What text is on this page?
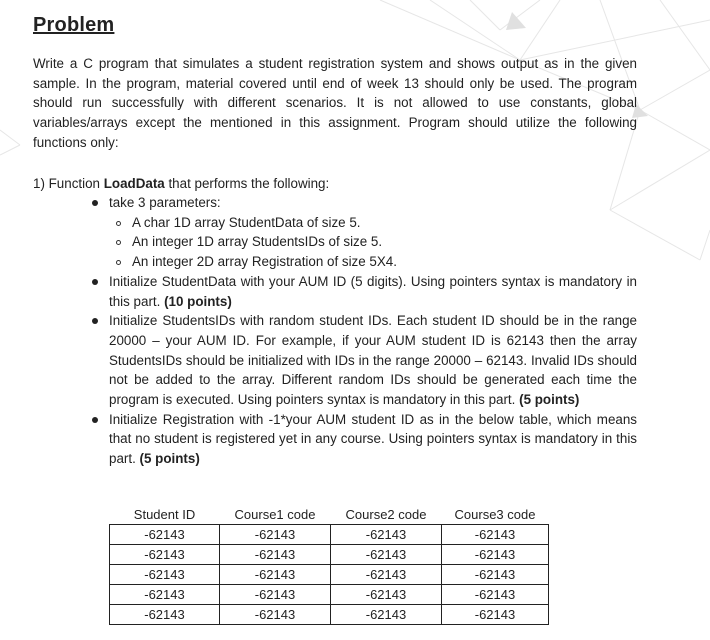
Problem
Write a C program that simulates a student registration system and shows output as in the given sample. In the program, material covered until end of week 13 should only be used. The program should run successfully with different scenarios. It is not allowed to use constants, global variables/arrays except the mentioned in this assignment. Program should utilize the following functions only:
1) Function LoadData that performs the following:
take 3 parameters:
A char 1D array StudentData of size 5.
An integer 1D array StudentsIDs of size 5.
An integer 2D array Registration of size 5X4.
Initialize StudentData with your AUM ID (5 digits). Using pointers syntax is mandatory in this part. (10 points)
Initialize StudentsIDs with random student IDs. Each student ID should be in the range 20000 – your AUM ID. For example, if your AUM student ID is 62143 then the array StudentsIDs should be initialized with IDs in the range 20000 – 62143. Invalid IDs should not be added to the array. Different random IDs should be generated each time the program is executed. Using pointers syntax is mandatory in this part. (5 points)
Initialize Registration with -1*your AUM student ID as in the below table, which means that no student is registered yet in any course. Using pointers syntax is mandatory in this part. (5 points)
Student ID	Course1 code	Course2 code	Course3 code
-62143	-62143	-62143	-62143
-62143	-62143	-62143	-62143
-62143	-62143	-62143	-62143
-62143	-62143	-62143	-62143
-62143	-62143	-62143	-62143
